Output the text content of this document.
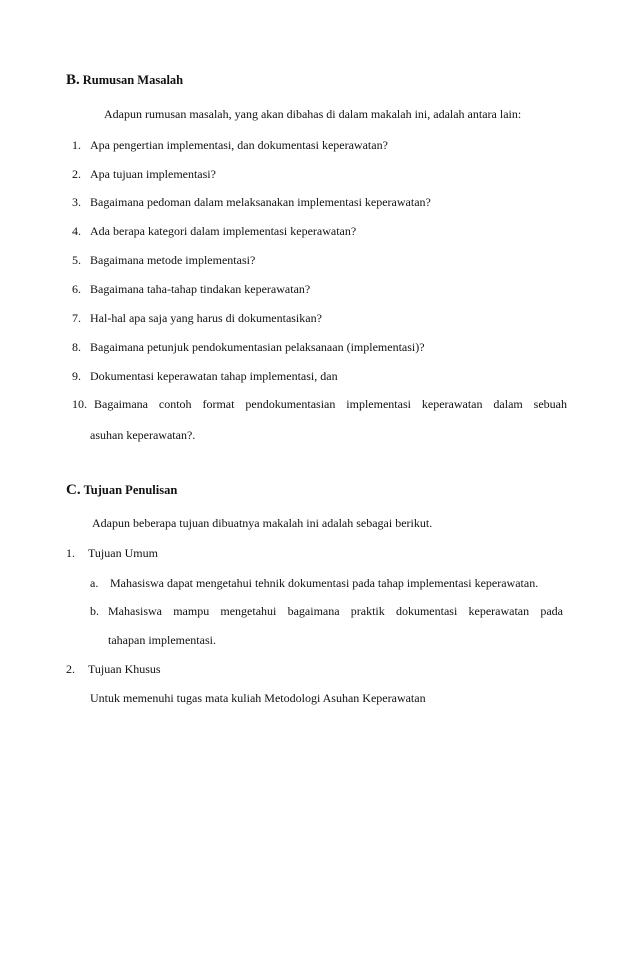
B. Rumusan Masalah
Adapun rumusan masalah, yang akan dibahas di dalam makalah ini, adalah antara lain:
1. Apa pengertian implementasi, dan dokumentasi keperawatan?
2. Apa tujuan implementasi?
3. Bagaimana pedoman dalam melaksanakan implementasi keperawatan?
4. Ada berapa kategori dalam implementasi keperawatan?
5. Bagaimana metode implementasi?
6. Bagaimana taha-tahap tindakan keperawatan?
7. Hal-hal apa saja yang harus di dokumentasikan?
8. Bagaimana petunjuk pendokumentasian pelaksanaan (implementasi)?
9. Dokumentasi keperawatan tahap implementasi, dan
10. Bagaimana contoh format pendokumentasian implementasi keperawatan dalam sebuah
asuhan keperawatan?.
C. Tujuan Penulisan
Adapun beberapa tujuan dibuatnya makalah ini adalah sebagai berikut.
1. Tujuan Umum
a. Mahasiswa dapat mengetahui tehnik dokumentasi pada tahap implementasi keperawatan.
b. Mahasiswa mampu mengetahui bagaimana praktik dokumentasi keperawatan pada
tahapan implementasi.
2. Tujuan Khusus
Untuk memenuhi tugas mata kuliah Metodologi Asuhan Keperawatan
